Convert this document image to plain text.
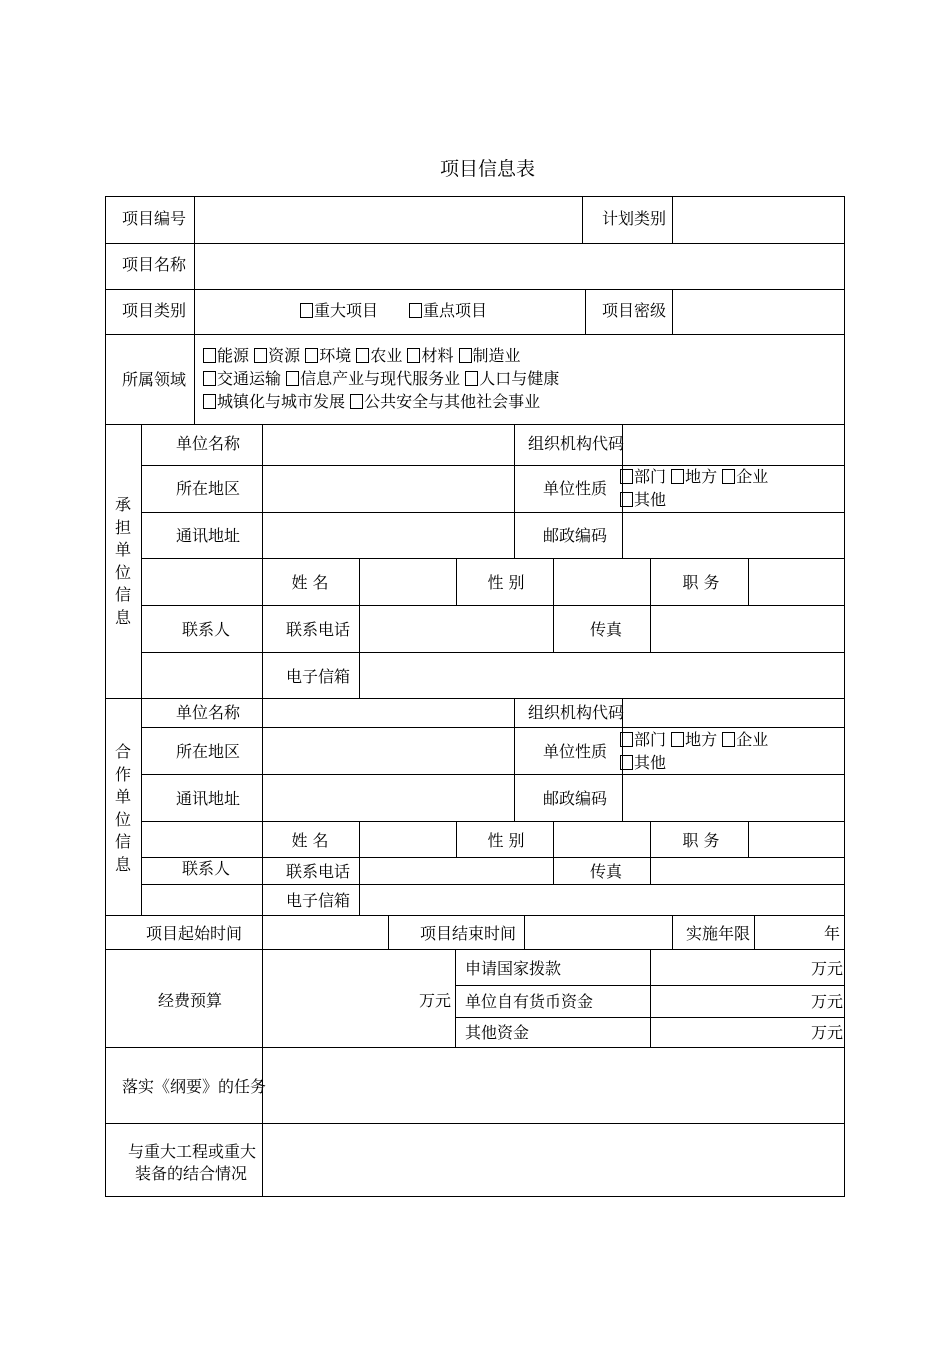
项目信息表
项目编号	计划类别
项目名称
项目类别	重大项目	重点项目	项目密级
所属领域
能源 资源 环境 农业 材料 制造业
交通运输 信息产业与现代服务业 人口与健康
城镇化与城市发展 公共安全与其他社会事业
承担单位信息
单位名称	组织机构代码
所在地区	单位性质
部门 地方 企业
其他
通讯地址	邮政编码
姓 名	性 别	职 务
联系人	联系电话	传真
电子信箱
合作单位信息
单位名称	组织机构代码
所在地区	单位性质
部门 地方 企业
其他
通讯地址	邮政编码
姓 名	性 别	职 务
联系人	联系电话	传真
电子信箱
项目起始时间	项目结束时间	实施年限	年
经费预算	万元
申请国家拨款	万元
单位自有货币资金	万元
其他资金	万元
落实《纲要》的任务
与重大工程或重大
装备的结合情况
